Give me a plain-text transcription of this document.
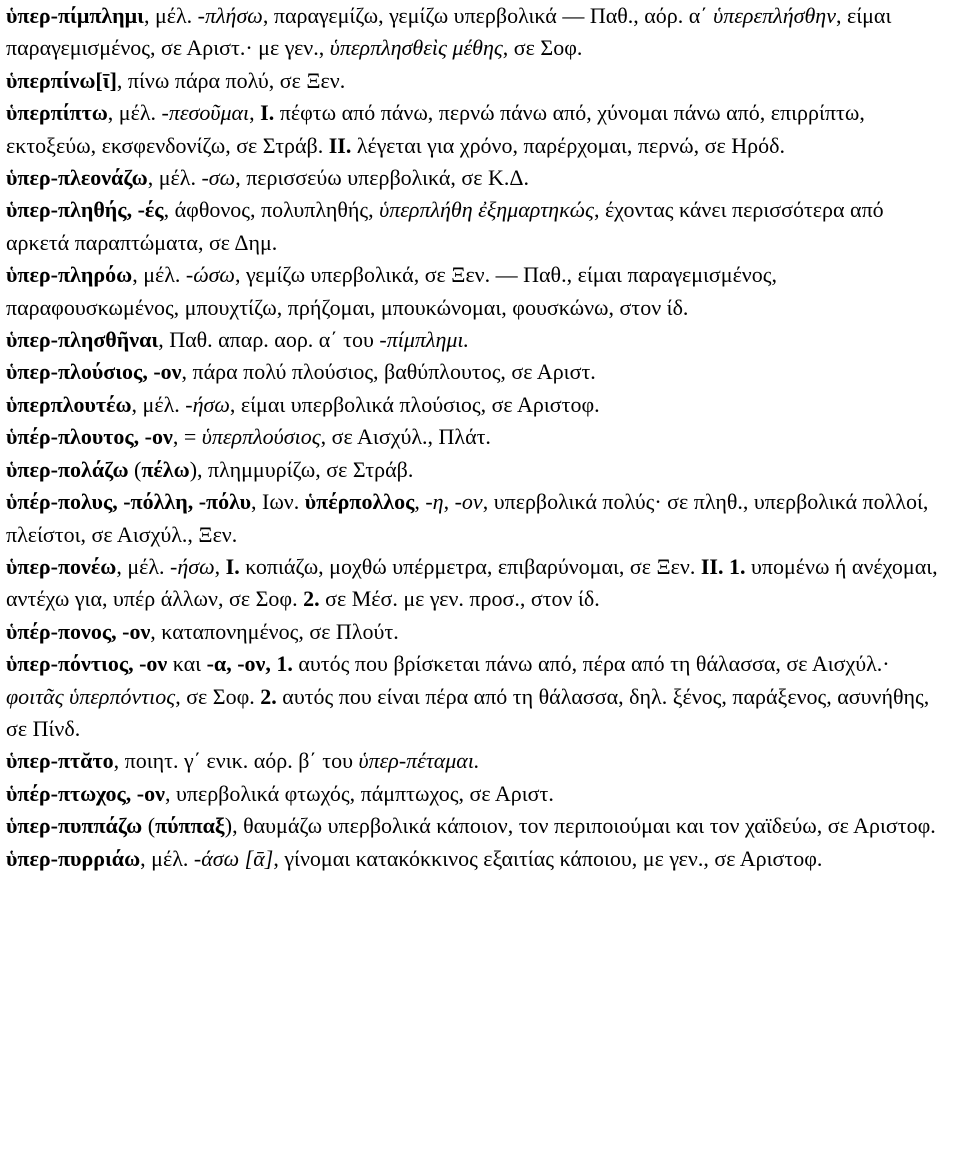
ὑπερ-πίμπλημι, μέλ. -πλήσω, παραγεμίζω, γεμίζω υπερβολικά — Παθ., αόρ. α΄ ὑπερεπλήσθην, είμαι παραγεμισμένος, σε Αριστ.· με γεν., ὑπερπλησθεὶς μέθης, σε Σοφ.

ὑπερπίνω[ῑ], πίνω πάρα πολύ, σε Ξεν.

ὑπερπίπτω, μέλ. -πεσοῦμαι, I. πέφτω από πάνω, περνώ πάνω από, χύνομαι πάνω από, επιρρίπτω, εκτοξεύω, εκσφενδονίζω, σε Στράβ. II. λέγεται για χρόνο, παρέρχομαι, περνώ, σε Ηρόδ.

ὑπερ-πλεονάζω, μέλ. -σω, περισσεύω υπερβολικά, σε Κ.Δ.

ὑπερ-πληθής, -ές, άφθονος, πολυπληθής, ὑπερπλήθη ἐξημαρτηκώς, έχοντας κάνει περισσότερα από αρκετά παραπτώματα, σε Δημ.

ὑπερ-πληρόω, μέλ. -ώσω, γεμίζω υπερβολικά, σε Ξεν. — Παθ., είμαι παραγεμισμένος, παραφουσκωμένος, μπουχτίζω, πρήζομαι, μπουκώνομαι, φουσκώνω, στον ίδ.

ὑπερ-πλησθῆναι, Παθ. απαρ. αορ. α΄ του -πίμπλημι.

ὑπερ-πλούσιος, -ον, πάρα πολύ πλούσιος, βαθύπλουτος, σε Αριστ.

ὑπερπλουτέω, μέλ. -ήσω, είμαι υπερβολικά πλούσιος, σε Αριστοφ.

ὑπέρ-πλουτος, -ον, = ὑπερπλούσιος, σε Αισχύλ., Πλάτ.

ὑπερ-πολάζω (πέλω), πλημμυρίζω, σε Στράβ.

ὑπέρ-πολυς, -πόλλη, -πόλυ, Ιων. ὑπέρπολλος, -η, -ον, υπερβολικά πολύς· σε πληθ., υπερβολικά πολλοί, πλείστοι, σε Αισχύλ., Ξεν.

ὑπερ-πονέω, μέλ. -ήσω, I. κοπιάζω, μοχθώ υπέρμετρα, επιβαρύνομαι, σε Ξεν. II. 1. υπομένω ή ανέχομαι, αντέχω για, υπέρ άλλων, σε Σοφ. 2. σε Μέσ. με γεν. προσ., στον ίδ.

ὑπέρ-πονος, -ον, καταπονημένος, σε Πλούτ.

ὑπερ-πόντιος, -ον και -α, -ον, 1. αυτός που βρίσκεται πάνω από, πέρα από τη θάλασσα, σε Αισχύλ.· φοιτᾶς ὑπερπόντιος, σε Σοφ. 2. αυτός που είναι πέρα από τη θάλασσα, δηλ. ξένος, παράξενος, ασυνήθης, σε Πίνδ.

ὑπερ-πτᾰτο, ποιητ. γ΄ ενικ. αόρ. β΄ του ὑπερ-πέταμαι.

ὑπέρ-πτωχος, -ον, υπερβολικά φτωχός, πάμπτωχος, σε Αριστ.

ὑπερ-πυππάζω (πύππαξ), θαυμάζω υπερβολικά κάποιον, τον περιποιούμαι και τον χαϊδεύω, σε Αριστοφ.

ὑπερ-πυρριάω, μέλ. -άσω [ᾱ], γίνομαι κατακόκκινος εξαιτίας κάποιου, με γεν., σε Αριστοφ.
